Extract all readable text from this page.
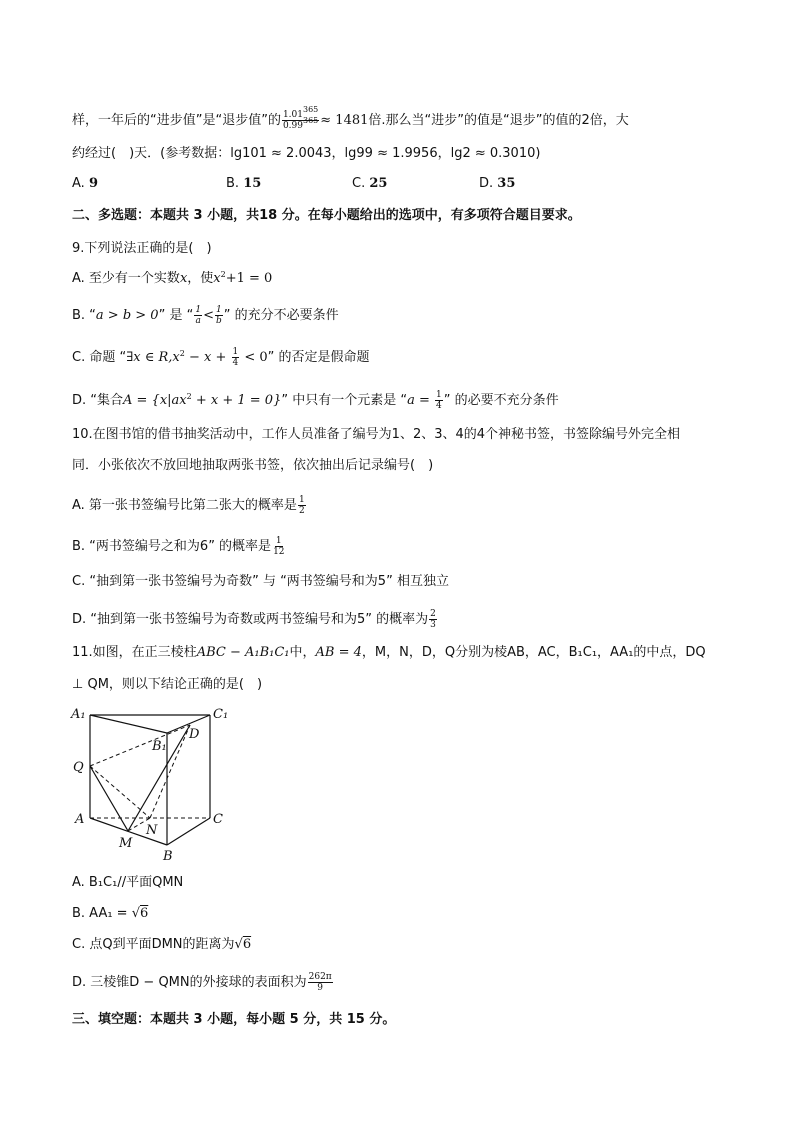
样，一年后的“进步值”是“退步值”的 $\frac{1.01^{365}}{0.99^{365}} \approx 1481$倍.那么当“进步”的值是“退步”的值的2倍，大
约经过(　)天．(参考数据：lg101 ≈ 2.0043，lg99 ≈ 1.9956，lg2 ≈ 0.3010)
A. 9	B. 15	C. 25	D. 35
二、多选题：本题共 3 小题，共18 分。在每小题给出的选项中，有多项符合题目要求。
9.下列说法正确的是(　)
A. 至少有一个实数x，使$x^2+1 = 0$
B. “a > b > 0” 是 “ $\frac{1}{a} < \frac{1}{b}$ ” 的充分不必要条件
C. 命题 “∃x ∈ $R,x^2 - x + \frac{1}{4} < 0$” 的否定是假命题
D. “集合$A = \{x|ax^2 + x + 1 = 0\}$” 中只有一个元素是 “$a = \frac{1}{4}$ ” 的必要不充分条件
10.在图书馆的借书抽奖活动中，工作人员准备了编号为1、2、3、4的4个神秘书签，书签除编号外完全相
同．小张依次不放回地抽取两张书签，依次抽出后记录编号(　)
A. 第一张书签编号比第二张大的概率是 $\frac{1}{2}$
B. “两书签编号之和为6” 的概率是 $\frac{1}{12}$
C. “抽到第一张书签编号为奇数” 与 “两书签编号和为5” 相互独立
D. “抽到第一张书签编号为奇数或两书签编号和为5” 的概率为 $\frac{2}{3}$
11.如图，在正三棱柱ABC − A₁B₁C₁中，AB = 4，M，N，D，Q分别为棱AB，AC，B₁C₁，AA₁的中点，DQ
⊥ QM，则以下结论正确的是(　)
A₁	C₁
B₁
D
Q
A
N
C
M
B
A. B₁C₁//平面QMN
B. AA₁ = √6
C. 点Q到平面DMN的距离为√6
D. 三棱锥D − QMN的外接球的表面积为 $\frac{262\pi}{9}$
三、填空题：本题共 3 小题，每小题 5 分，共 15 分。
